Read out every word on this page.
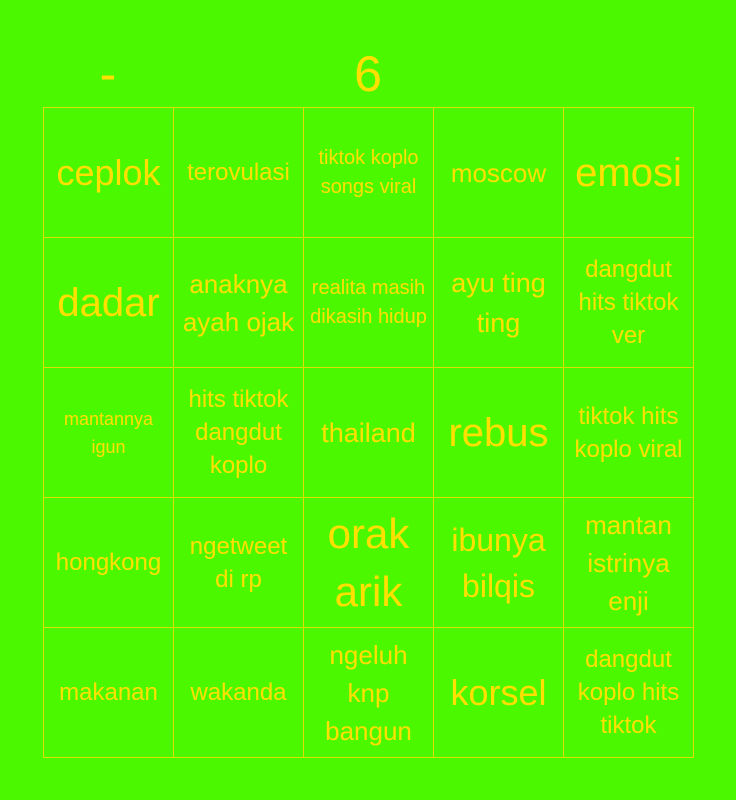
-	6
ceplok	terovulasi	tiktok koplo songs viral	moscow	emosi
dadar	anaknya ayah ojak	realita masih dikasih hidup	ayu ting ting	dangdut hits tiktok ver
mantannya igun	hits tiktok dangdut koplo	thailand	rebus	tiktok hits koplo viral
hongkong	ngetweet di rp	orak arik	ibunya bilqis	mantan istrinya enji
makanan	wakanda	ngeluh knp bangun	korsel	dangdut koplo hits tiktok
